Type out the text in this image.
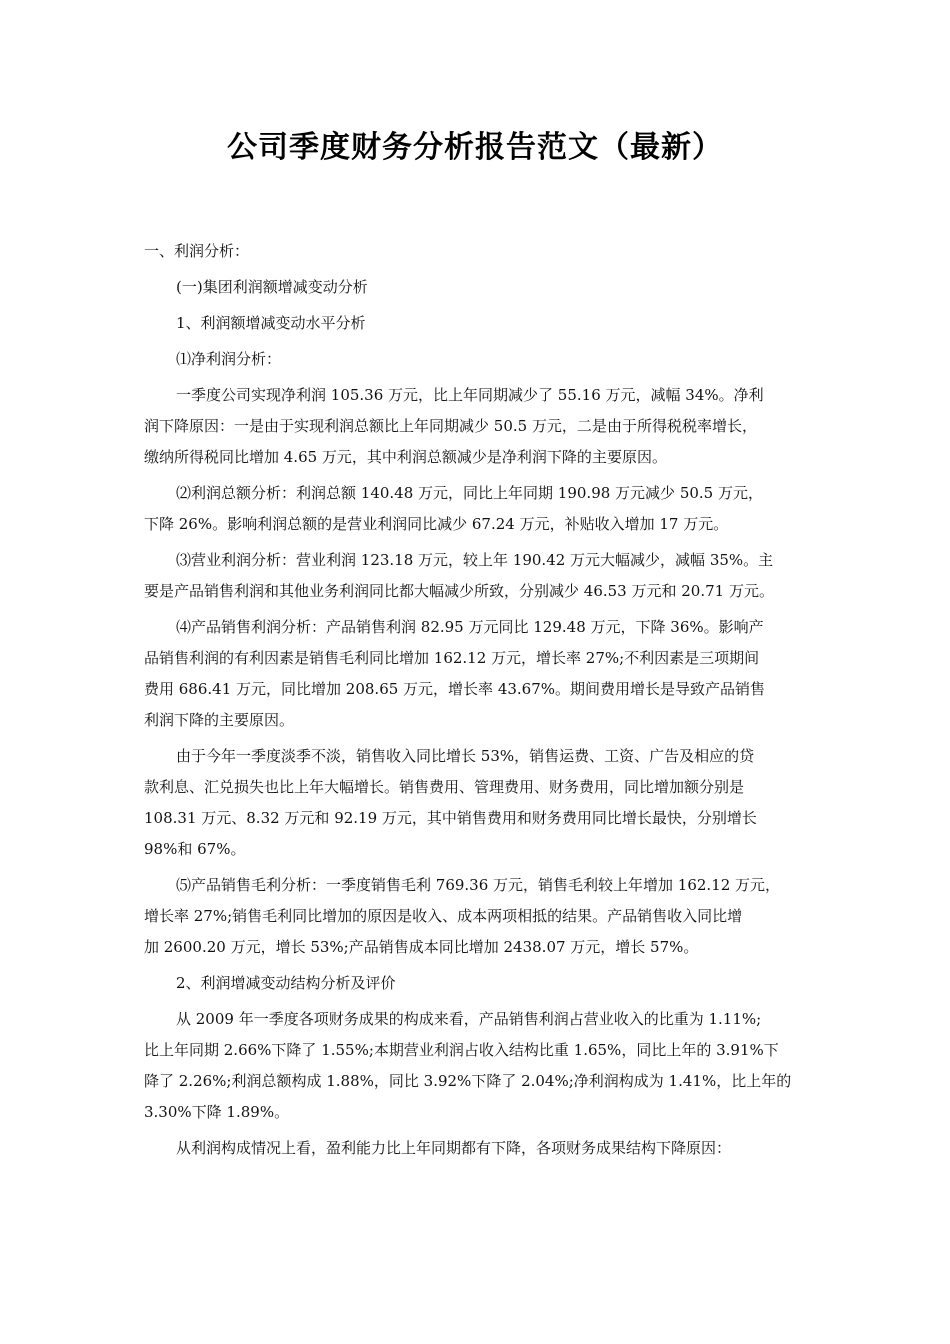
公司季度财务分析报告范文（最新）

一、利润分析：

(一)集团利润额增减变动分析

1、利润额增减变动水平分析

⑴净利润分析：

一季度公司实现净利润 105.36 万元，比上年同期减少了 55.16 万元，减幅 34%。净利
润下降原因：一是由于实现利润总额比上年同期减少 50.5 万元，二是由于所得税税率增长，
缴纳所得税同比增加 4.65 万元，其中利润总额减少是净利润下降的主要原因。
⑵利润总额分析：利润总额 140.48 万元，同比上年同期 190.98 万元减少 50.5 万元，
下降 26%。影响利润总额的是营业利润同比减少 67.24 万元，补贴收入增加 17 万元。
⑶营业利润分析：营业利润 123.18 万元，较上年 190.42 万元大幅减少，减幅 35%。主
要是产品销售利润和其他业务利润同比都大幅减少所致，分别减少 46.53 万元和 20.71 万元。
⑷产品销售利润分析：产品销售利润 82.95 万元同比 129.48 万元，下降 36%。影响产
品销售利润的有利因素是销售毛利同比增加 162.12 万元，增长率 27%;不利因素是三项期间
费用 686.41 万元，同比增加 208.65 万元，增长率 43.67%。期间费用增长是导致产品销售
利润下降的主要原因。
由于今年一季度淡季不淡，销售收入同比增长 53%，销售运费、工资、广告及相应的贷
款利息、汇兑损失也比上年大幅增长。销售费用、管理费用、财务费用，同比增加额分别是
108.31 万元、8.32 万元和 92.19 万元，其中销售费用和财务费用同比增长最快，分别增长
98%和 67%。
⑸产品销售毛利分析：一季度销售毛利 769.36 万元，销售毛利较上年增加 162.12 万元，
增长率 27%;销售毛利同比增加的原因是收入、成本两项相抵的结果。产品销售收入同比增
加 2600.20 万元，增长 53%;产品销售成本同比增加 2438.07 万元，增长 57%。

2、利润增减变动结构分析及评价

从 2009 年一季度各项财务成果的构成来看，产品销售利润占营业收入的比重为 1.11%;
比上年同期 2.66%下降了 1.55%;本期营业利润占收入结构比重 1.65%，同比上年的 3.91%下
降了 2.26%;利润总额构成 1.88%，同比 3.92%下降了 2.04%;净利润构成为 1.41%，比上年的
3.30%下降 1.89%。
从利润构成情况上看，盈利能力比上年同期都有下降，各项财务成果结构下降原因：
